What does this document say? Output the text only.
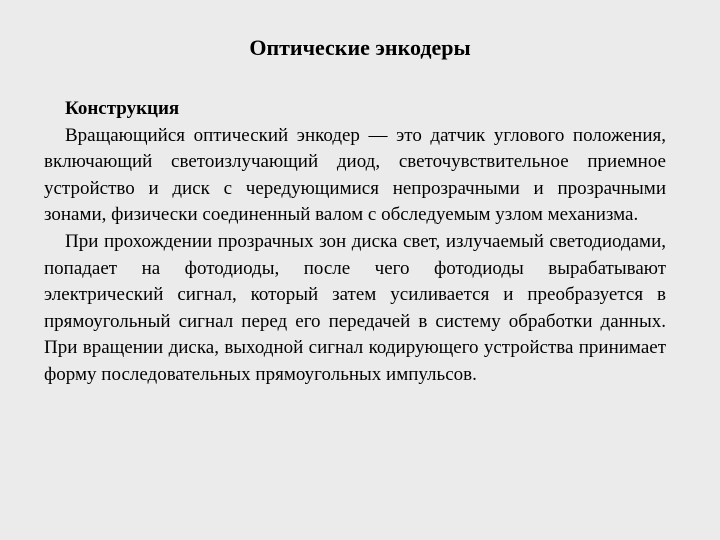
Оптические энкодеры
Конструкция

Вращающийся оптический энкодер — это датчик углового положения, включающий светоизлучающий диод, светочувствительное приемное устройство и диск с чередующимися непрозрачными и прозрачными зонами, физически соединенный валом с обследуемым узлом механизма.

При прохождении прозрачных зон диска свет, излучаемый светодиодами, попадает на фотодиоды, после чего фотодиоды вырабатывают электрический сигнал, который затем усиливается и преобразуется в прямоугольный сигнал перед его передачей в систему обработки данных. При вращении диска, выходной сигнал кодирующего устройства принимает форму последовательных прямоугольных импульсов.
